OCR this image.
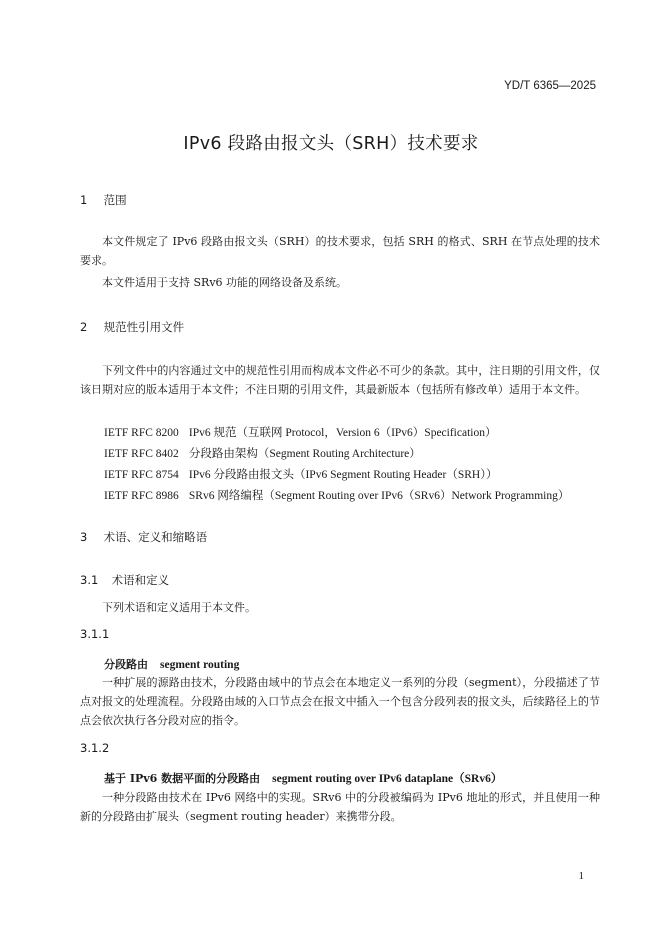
YD/T 6365—2025
IPv6 段路由报文头（SRH）技术要求
1 范围

本文件规定了 IPv6 段路由报文头（SRH）的技术要求，包括 SRH 的格式、SRH 在节点处理的技术要求。

本文件适用于支持 SRv6 功能的网络设备及系统。

2 规范性引用文件

下列文件中的内容通过文中的规范性引用而构成本文件必不可少的条款。其中，注日期的引用文件，仅该日期对应的版本适用于本文件；不注日期的引用文件，其最新版本（包括所有修改单）适用于本文件。

IETF RFC 8200 IPv6 规范（互联网 Protocol，Version 6（IPv6）Specification）
IETF RFC 8402 分段路由架构（Segment Routing Architecture）
IETF RFC 8754 IPv6 分段路由报文头（IPv6 Segment Routing Header（SRH））
IETF RFC 8986 SRv6 网络编程（Segment Routing over IPv6（SRv6）Network Programming）
3 术语、定义和缩略语
3.1 术语和定义

下列术语和定义适用于本文件。

3.1.1
分段路由 segment routing

一种扩展的源路由技术，分段路由域中的节点会在本地定义一系列的分段（segment），分段描述了节点对报文的处理流程。分段路由域的入口节点会在报文中插入一个包含分段列表的报文头，后续路径上的节点会依次执行各分段对应的指令。

3.1.2
基于 IPv6 数据平面的分段路由 segment routing over IPv6 dataplane（SRv6）

一种分段路由技术在 IPv6 网络中的实现。SRv6 中的分段被编码为 IPv6 地址的形式，并且使用一种新的分段路由扩展头（segment routing header）来携带分段。

1
